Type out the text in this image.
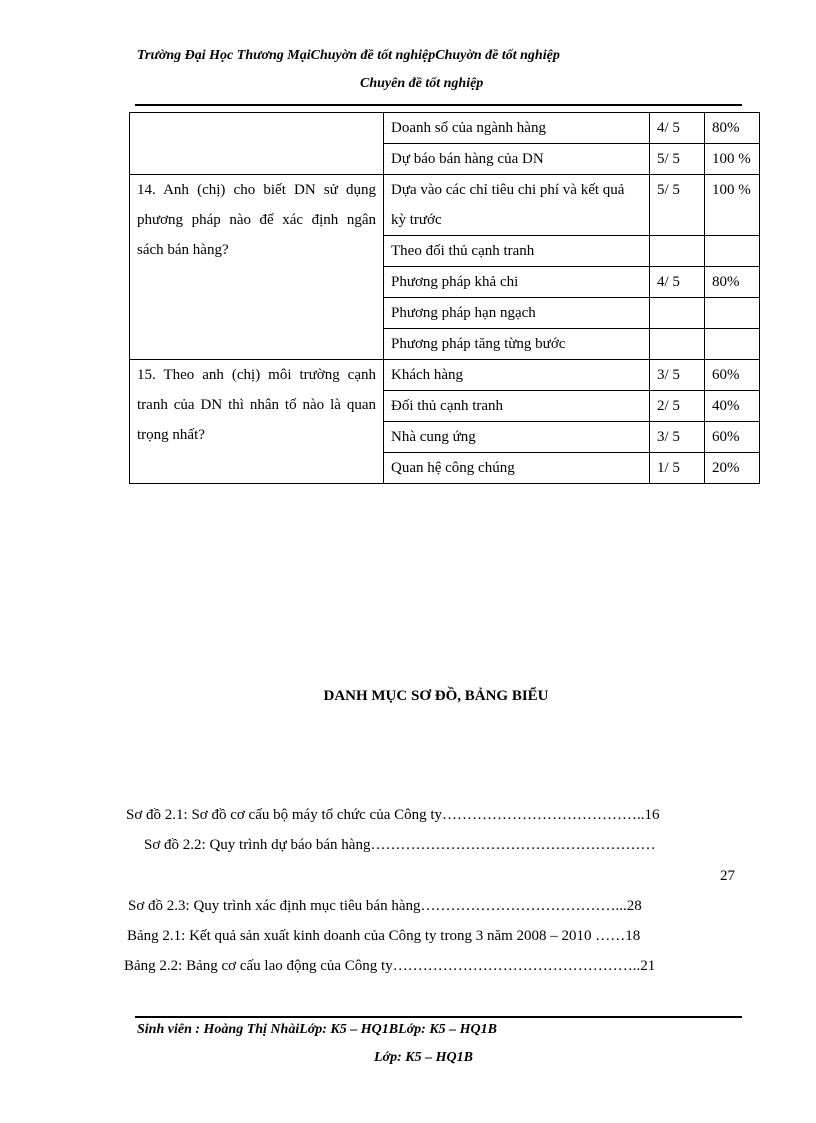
Trường Đại Học Thương MạiChuyờn đề tốt nghiệpChuyờn đề tốt nghiệp
Chuyên đề tốt nghiệp
	Doanh số của ngành hàng	4/ 5	80%
	Dự báo bán hàng của DN	5/ 5	100 %
14. Anh (chị) cho biết DN sử dụng phương pháp nào để xác định ngân sách bán hàng?	Dựa vào các chỉ tiêu chi phí và kết quả kỳ trước	5/ 5	100 %
	Theo đối thủ cạnh tranh		
	Phương pháp khả chi	4/ 5	80%
	Phương pháp hạn ngạch		
	Phương pháp tăng từng bước		
15. Theo anh (chị) môi trường cạnh tranh của DN thì nhân tố nào là quan trọng nhất?	Khách hàng	3/ 5	60%
	Đối thủ cạnh tranh	2/ 5	40%
	Nhà cung ứng	3/ 5	60%
	Quan hệ công chúng	1/ 5	20%
DANH MỤC SƠ ĐỒ, BẢNG BIỂU
Sơ đồ 2.1: Sơ đồ cơ cấu bộ máy tổ chức của Công ty…………………………………..16
Sơ đồ 2.2: Quy trình dự báo bán hàng…………………………………………………
27
Sơ đồ 2.3: Quy trình xác định mục tiêu bán hàng…………………………………...28
Bảng 2.1: Kết quả sản xuất kinh doanh của Công ty trong 3 năm 2008 – 2010 ……18
Bảng 2.2: Bảng cơ cấu lao động của Công ty…………………………………………..21
Sinh viên : Hoàng Thị NhàiLớp: K5 – HQ1BLớp: K5 – HQ1B
Lớp: K5 – HQ1B
